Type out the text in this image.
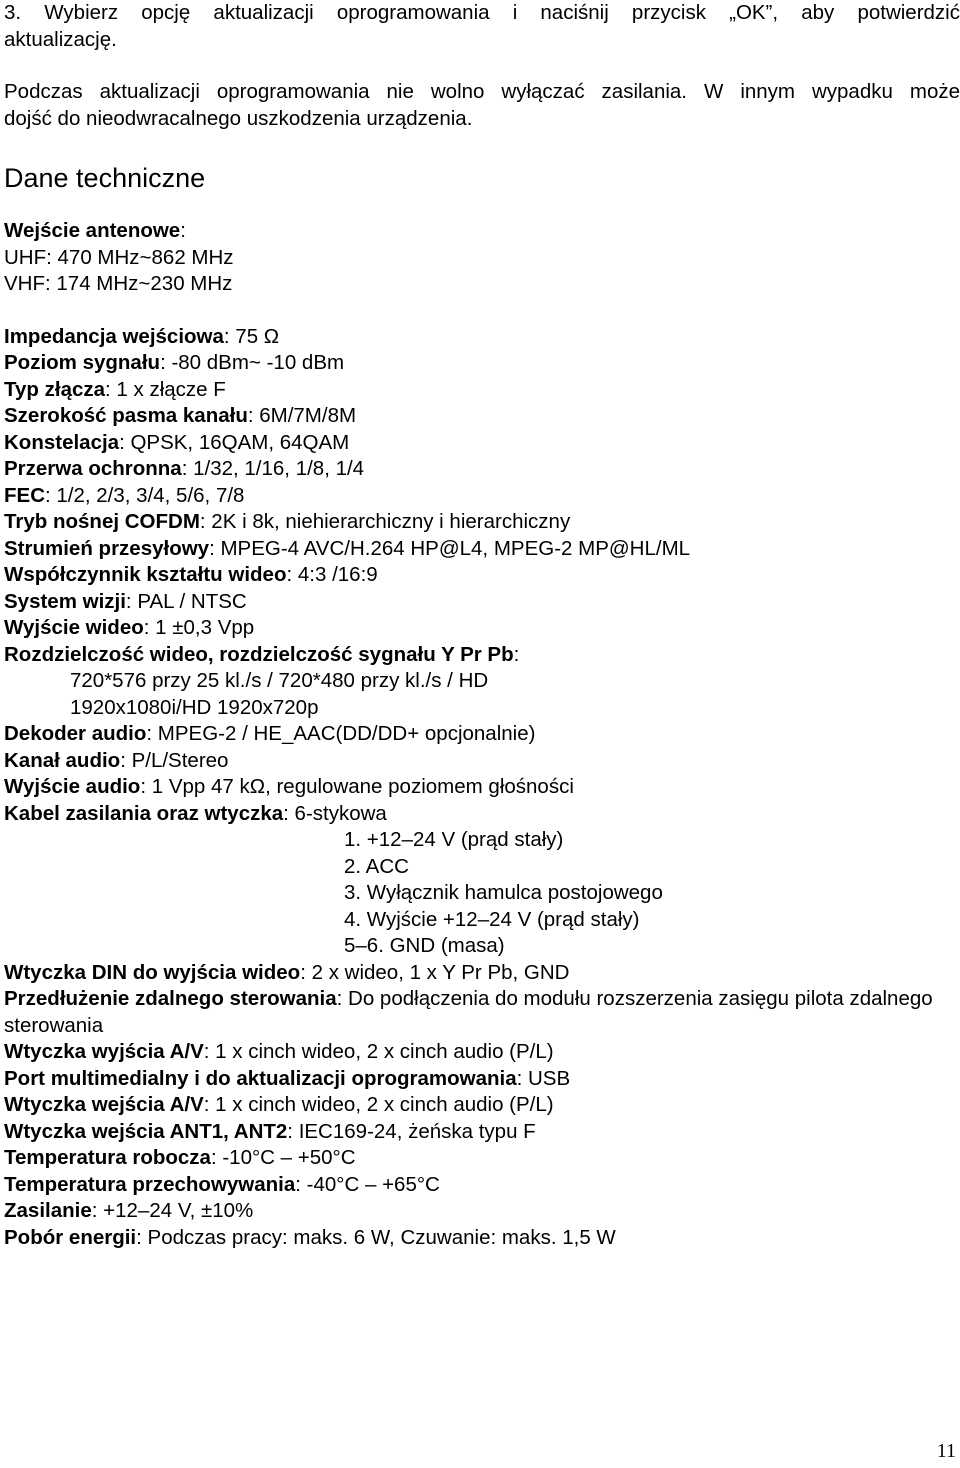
3. Wybierz opcję aktualizacji oprogramowania i naciśnij przycisk „OK”, aby potwierdzić
aktualizację.

Podczas aktualizacji oprogramowania nie wolno wyłączać zasilania. W innym wypadku może
dojść do nieodwracalnego uszkodzenia urządzenia.

Dane techniczne
Wejście antenowe:
UHF: 470 MHz~862 MHz
VHF: 174 MHz~230 MHz
Impedancja wejściowa: 75 Ω
Poziom sygnału: -80 dBm~ -10 dBm
Typ złącza: 1 x złącze F
Szerokość pasma kanału: 6M/7M/8M
Konstelacja: QPSK, 16QAM, 64QAM
Przerwa ochronna: 1/32, 1/16, 1/8, 1/4
FEC: 1/2, 2/3, 3/4, 5/6, 7/8
Tryb nośnej COFDM: 2K i 8k, niehierarchiczny i hierarchiczny
Strumień przesyłowy: MPEG-4 AVC/H.264 HP@L4, MPEG-2 MP@HL/ML
Współczynnik kształtu wideo: 4:3 /16:9
System wizji: PAL / NTSC
Wyjście wideo: 1 ±0,3 Vpp
Rozdzielczość wideo, rozdzielczość sygnału Y Pr Pb:
720*576 przy 25 kl./s / 720*480 przy kl./s / HD
1920x1080i/HD 1920x720p
Dekoder audio: MPEG-2 / HE_AAC(DD/DD+ opcjonalnie)
Kanał audio: P/L/Stereo
Wyjście audio: 1 Vpp 47 kΩ, regulowane poziomem głośności
Kabel zasilania oraz wtyczka: 6-stykowa
1. +12–24 V (prąd stały)
2. ACC
3. Wyłącznik hamulca postojowego
4. Wyjście +12–24 V (prąd stały)
5–6. GND (masa)
Wtyczka DIN do wyjścia wideo: 2 x wideo, 1 x Y Pr Pb, GND
Przedłużenie zdalnego sterowania: Do podłączenia do modułu rozszerzenia zasięgu pilota zdalnego sterowania
Wtyczka wyjścia A/V: 1 x cinch wideo, 2 x cinch audio (P/L)
Port multimedialny i do aktualizacji oprogramowania: USB
Wtyczka wejścia A/V: 1 x cinch wideo, 2 x cinch audio (P/L)
Wtyczka wejścia ANT1, ANT2: IEC169-24, żeńska typu F
Temperatura robocza: -10°C – +50°C
Temperatura przechowywania: -40°C – +65°C
Zasilanie: +12–24 V, ±10%
Pobór energii: Podczas pracy: maks. 6 W, Czuwanie: maks. 1,5 W
11
